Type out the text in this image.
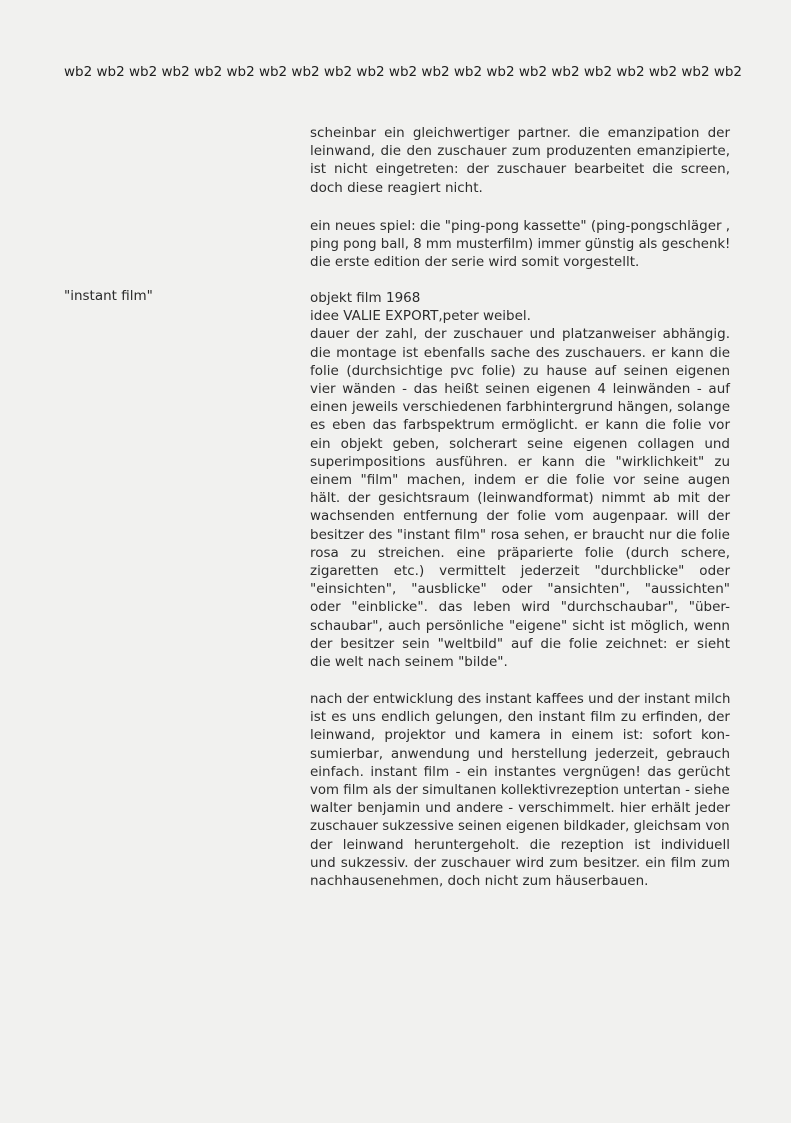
wb2 wb2 wb2 wb2 wb2 wb2 wb2 wb2 wb2 wb2 wb2 wb2 wb2 wb2 wb2 wb2 wb2 wb2 wb2 wb2 wb2
"instant film"
scheinbar ein gleichwertiger partner. die emanzipation der
leinwand, die den zuschauer zum produzenten emanzipierte,
ist nicht eingetreten: der zuschauer bearbeitet die screen,
doch diese reagiert nicht.
ein neues spiel: die "ping-pong kassette" (ping-pongschläger ,
ping pong ball, 8 mm musterfilm) immer günstig als geschenk!
die erste edition der serie wird somit vorgestellt.
objekt film 1968
idee VALIE EXPORT,peter weibel.
dauer der zahl, der zuschauer und platzanweiser abhängig.
die montage ist ebenfalls sache des zuschauers. er kann die
folie (durchsichtige pvc folie) zu hause auf seinen eigenen
vier wänden - das heißt seinen eigenen 4 leinwänden - auf
einen jeweils verschiedenen farbhintergrund hängen, solange
es eben das farbspektrum ermöglicht. er kann die folie vor
ein objekt geben, solcherart seine eigenen collagen und
superimpositions ausführen. er kann die "wirklichkeit" zu
einem "film" machen, indem er die folie vor seine augen
hält. der gesichtsraum (leinwandformat) nimmt ab mit der
wachsenden entfernung der folie vom augenpaar. will der
besitzer des "instant film" rosa sehen, er braucht nur die folie
rosa zu streichen. eine präparierte folie (durch schere,
zigaretten etc.) vermittelt jederzeit "durchblicke" oder
"einsichten", "ausblicke" oder "ansichten", "aussichten"
oder "einblicke". das leben wird "durchschaubar", "über-
schaubar", auch persönliche "eigene" sicht ist möglich, wenn
der besitzer sein "weltbild" auf die folie zeichnet: er sieht
die welt nach seinem "bilde".
nach der entwicklung des instant kaffees und der instant milch
ist es uns endlich gelungen, den instant film zu erfinden, der
leinwand, projektor und kamera in einem ist: sofort kon-
sumierbar, anwendung und herstellung jederzeit, gebrauch
einfach. instant film - ein instantes vergnügen! das gerücht
vom film als der simultanen kollektivrezeption untertan - siehe
walter benjamin und andere - verschimmelt. hier erhält jeder
zuschauer sukzessive seinen eigenen bildkader, gleichsam von
der leinwand heruntergeholt. die rezeption ist individuell
und sukzessiv. der zuschauer wird zum besitzer. ein film zum
nachhausenehmen, doch nicht zum häuserbauen.
